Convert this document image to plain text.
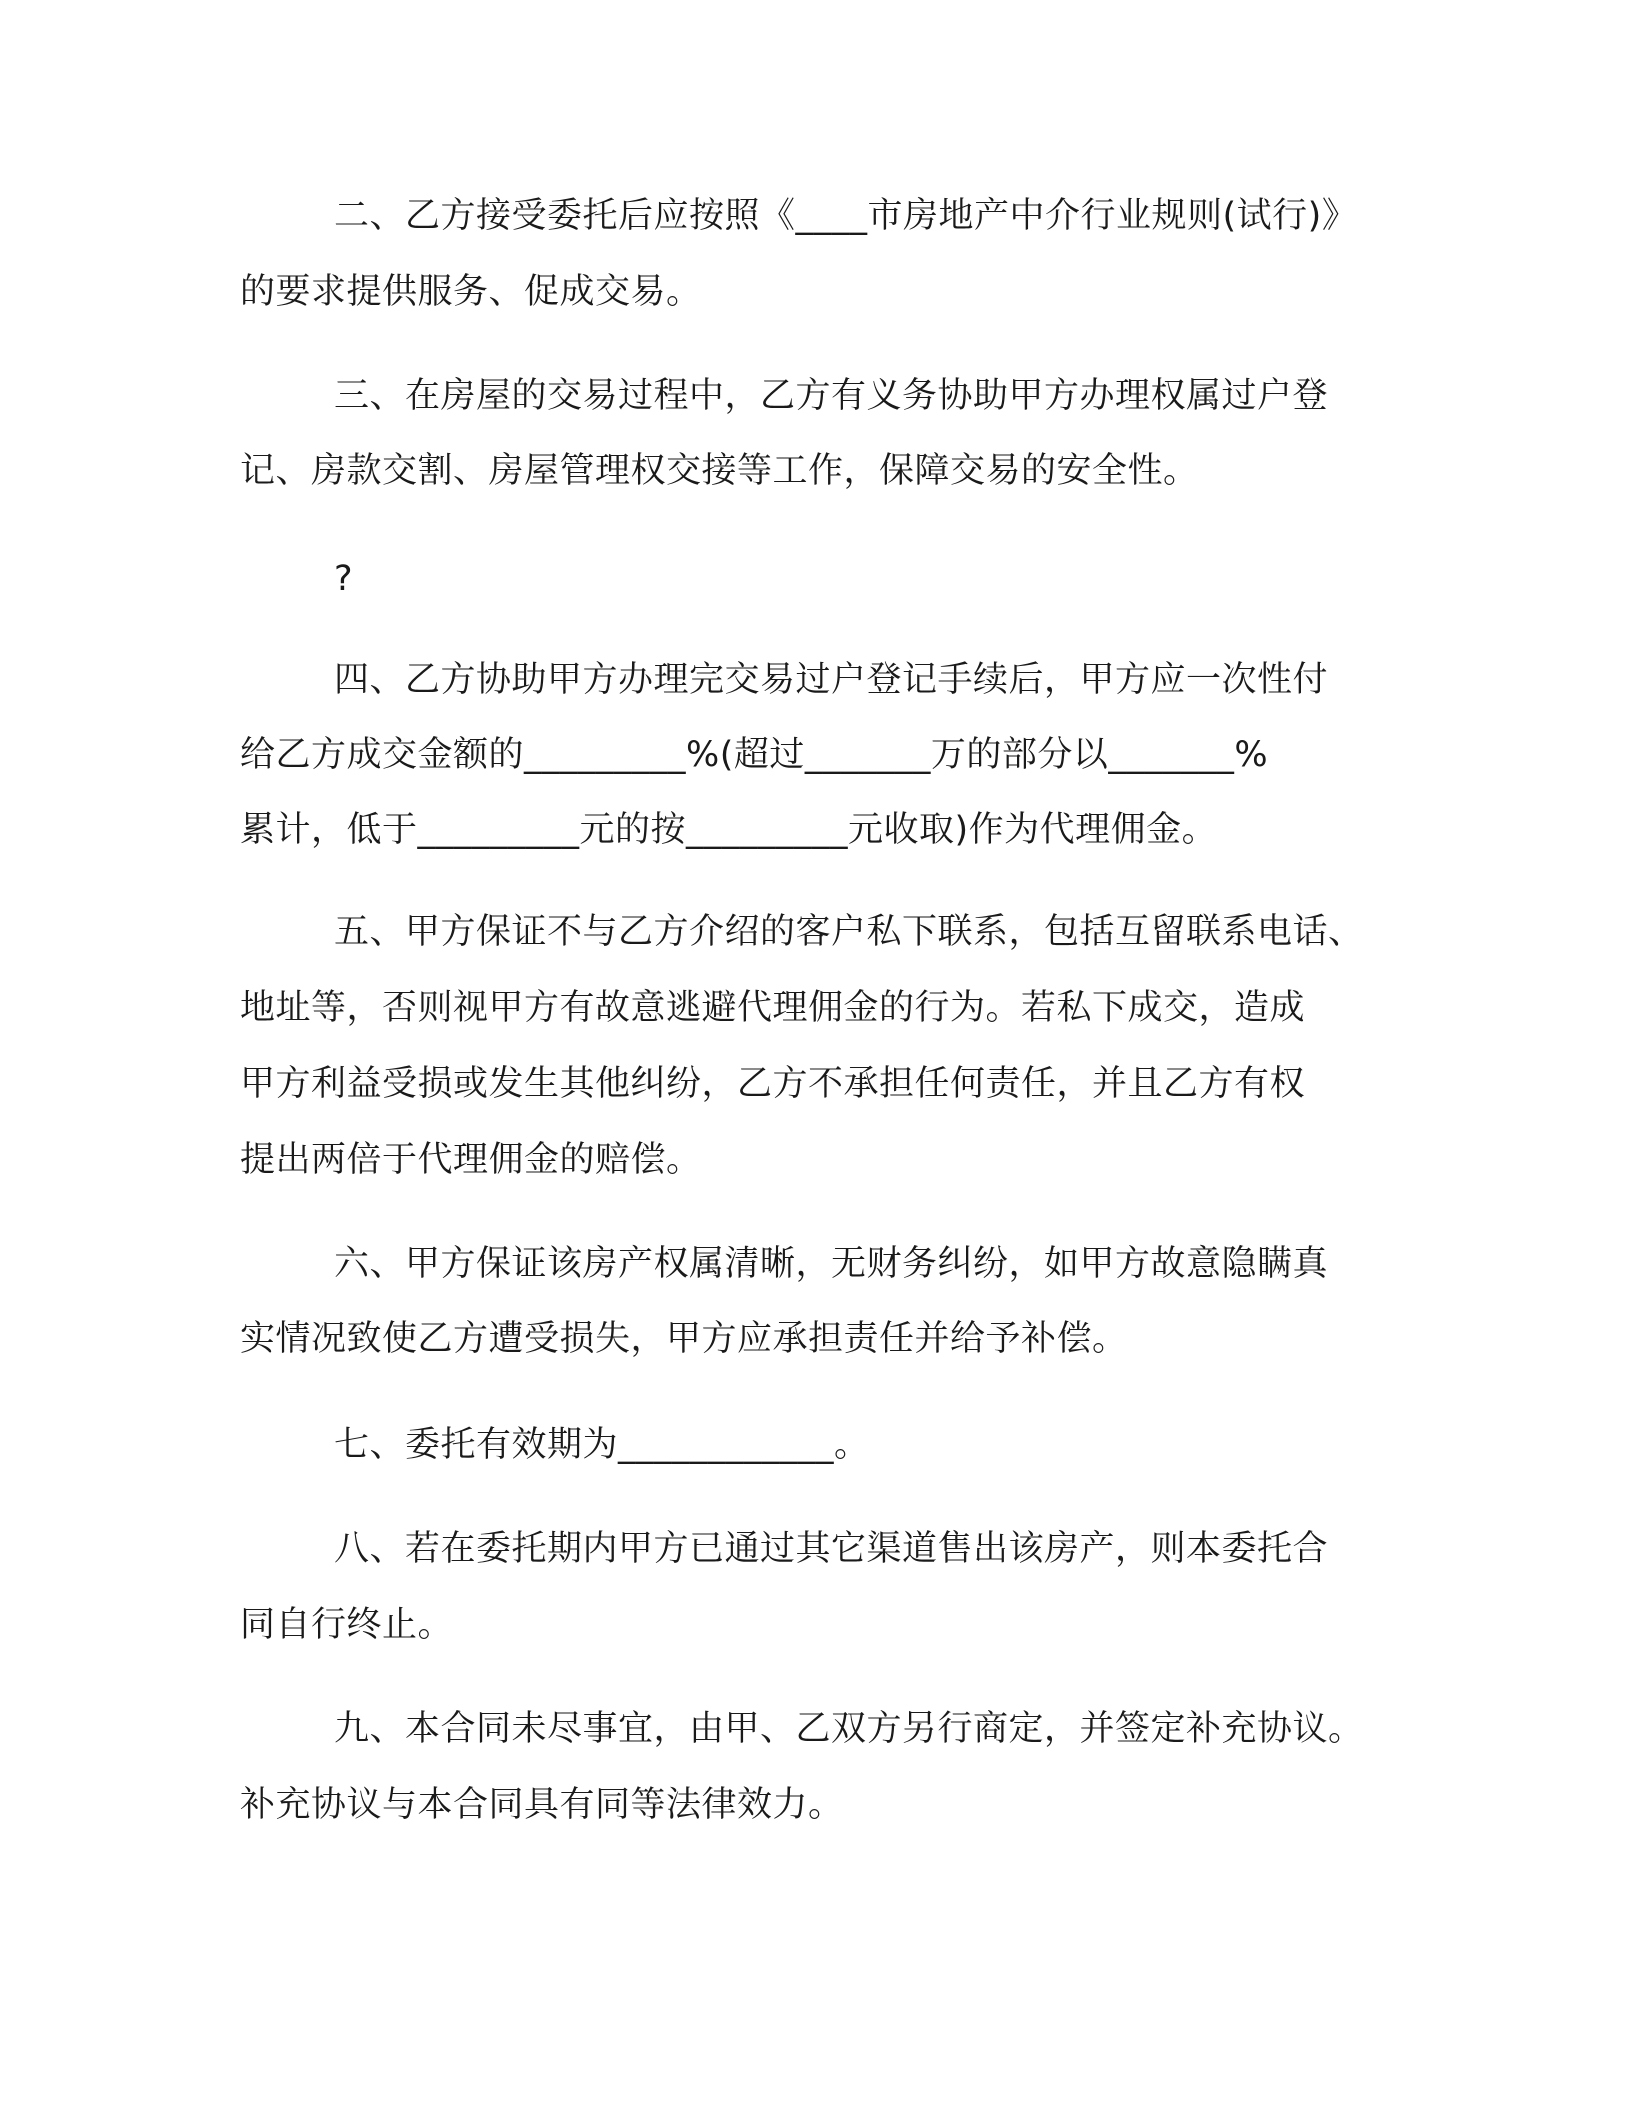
二、乙方接受委托后应按照《____市房地产中介行业规则(试行)》
的要求提供服务、促成交易。
三、在房屋的交易过程中，乙方有义务协助甲方办理权属过户登
记、房款交割、房屋管理权交接等工作，保障交易的安全性。
?
四、乙方协助甲方办理完交易过户登记手续后，甲方应一次性付
给乙方成交金额的_________%(超过_______万的部分以_______%
累计，低于_________元的按_________元收取)作为代理佣金。
五、甲方保证不与乙方介绍的客户私下联系，包括互留联系电话、
地址等，否则视甲方有故意逃避代理佣金的行为。若私下成交，造成
甲方利益受损或发生其他纠纷，乙方不承担任何责任，并且乙方有权
提出两倍于代理佣金的赔偿。
六、甲方保证该房产权属清晰，无财务纠纷，如甲方故意隐瞒真
实情况致使乙方遭受损失，甲方应承担责任并给予补偿。
七、委托有效期为____________。
八、若在委托期内甲方已通过其它渠道售出该房产，则本委托合
同自行终止。
九、本合同未尽事宜，由甲、乙双方另行商定，并签定补充协议。
补充协议与本合同具有同等法律效力。
